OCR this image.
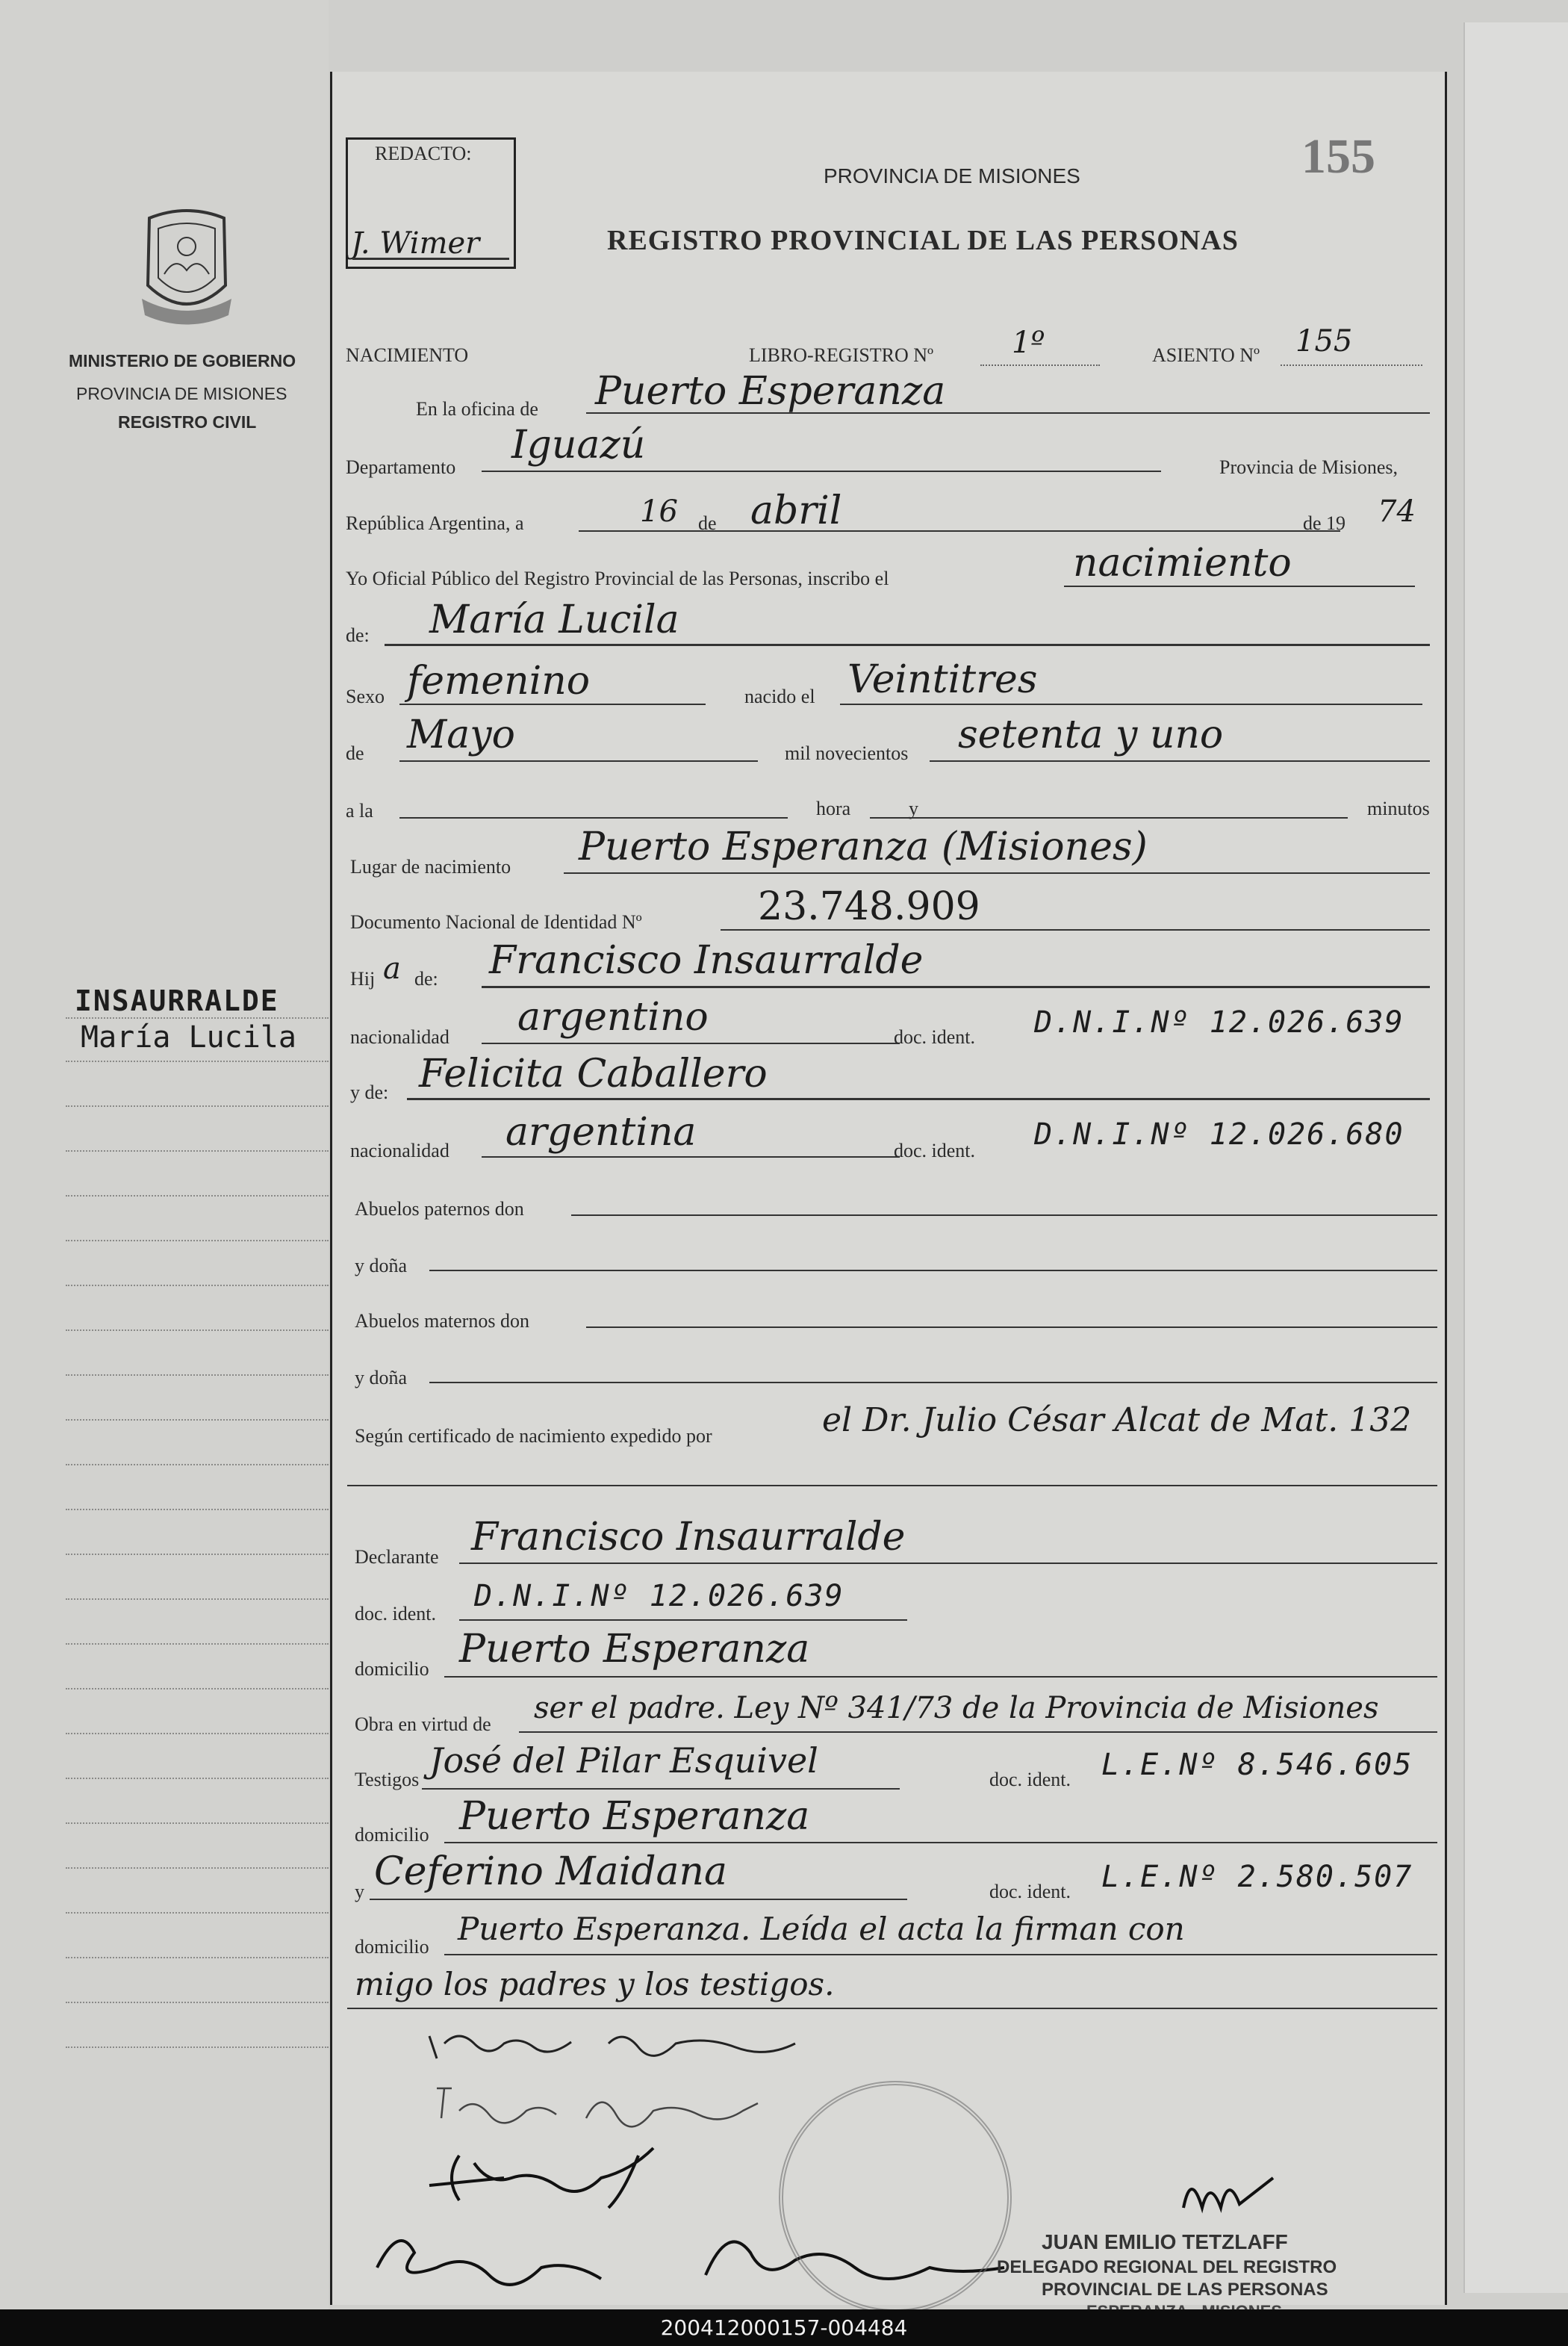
MINISTERIO DE GOBIERNO
PROVINCIA DE MISIONES
REGISTRO CIVIL
INSAURRALDE
María Lucila
REDACTO:
J. Wimer
PROVINCIA DE MISIONES
REGISTRO PROVINCIAL DE LAS PERSONAS
155
NACIMIENTO	LIBRO-REGISTRO Nº	1º	ASIENTO Nº 155
En la oficina de Puerto Esperanza
Departamento Iguazú	Provincia de Misiones,
República Argentina, a	16 de abril	de 19 74
Yo Oficial Público del Registro Provincial de las Personas, inscribo el	nacimiento
de: María Lucila
Sexo femenino	nacido el Veintitres
de Mayo	mil novecientos setenta y uno
a la	hora	y	minutos
Lugar de nacimiento Puerto Esperanza (Misiones)
Documento Nacional de Identidad Nº	23.748.909
Hij a de: Francisco Insaurralde
nacionalidad argentino	doc. ident. D.N.I.Nº 12.026.639
y de: Felicita Caballero
nacionalidad argentina	doc. ident. D.N.I.Nº 12.026.680
Abuelos paternos don
y doña
Abuelos maternos don
y doña
Según certificado de nacimiento expedido por	el Dr. Julio César Alcat de Mat. 132
Declarante Francisco Insaurralde
doc. ident.
D.N.I.Nº 12.026.639
domicilio Puerto Esperanza
Obra en virtud de ser el padre. Ley Nº 341/73 de la Provincia de Misiones
Testigos José del Pilar Esquivel	doc. ident. L.E.Nº 8.546.605
domicilio Puerto Esperanza
y Ceferino Maidana	doc. ident. L.E.Nº 2.580.507
domicilio Puerto Esperanza. Leída el acta la firman con
migo los padres y los testigos.
JUAN EMILIO TETZLAFF
DELEGADO REGIONAL DEL REGISTRO
PROVINCIAL DE LAS PERSONAS
200412000157-004484
